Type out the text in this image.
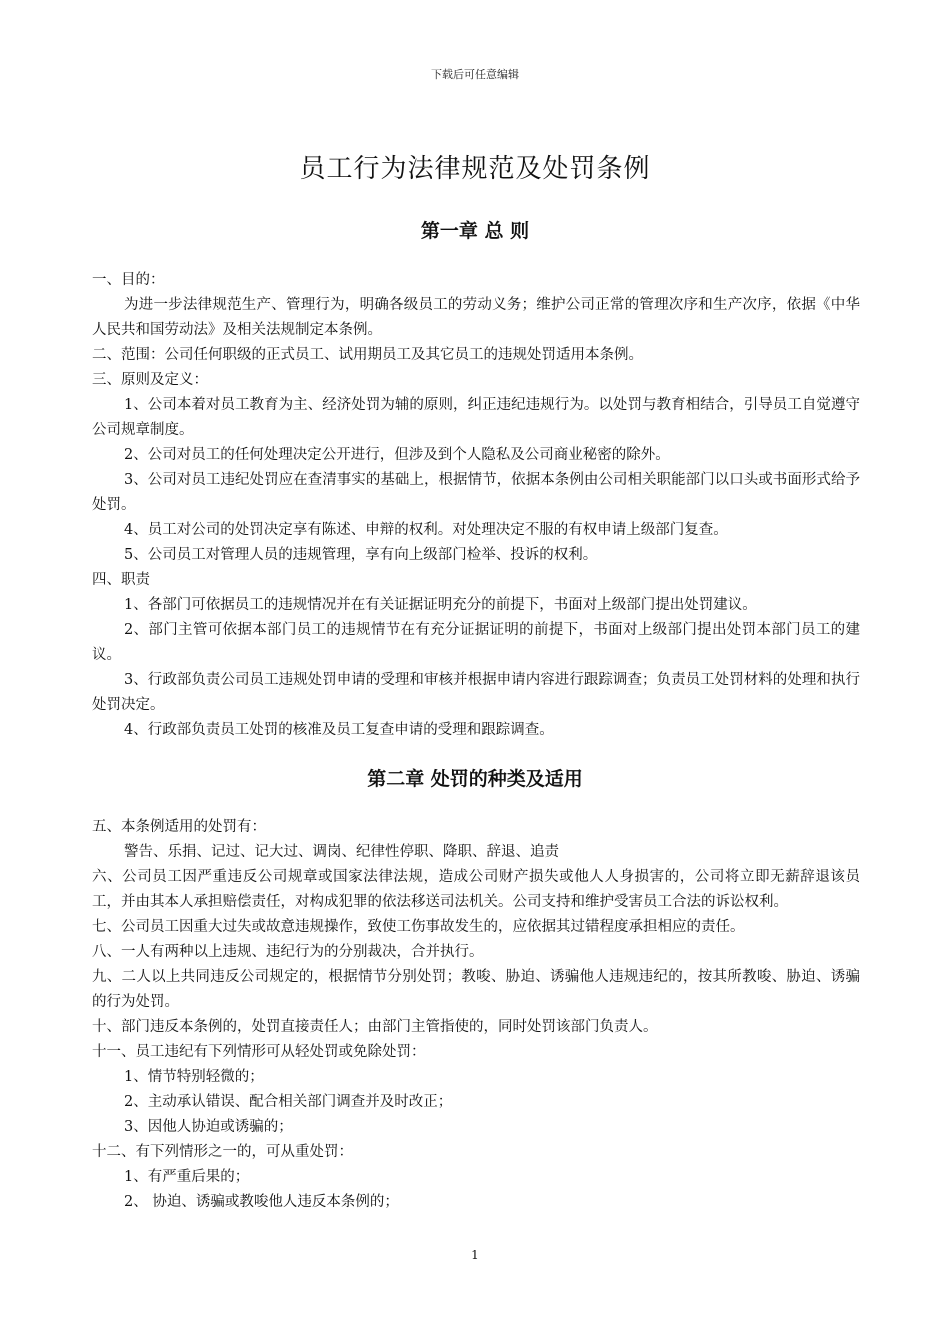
下载后可任意编辑
员工行为法律规范及处罚条例
第一章 总 则

一、目的：

为进一步法律规范生产、管理行为，明确各级员工的劳动义务；维护公司正常的管理次序和生产次序，依据《中华人民共和国劳动法》及相关法规制定本条例。

二、范围：公司任何职级的正式员工、试用期员工及其它员工的违规处罚适用本条例。

三、原则及定义：

1、公司本着对员工教育为主、经济处罚为辅的原则，纠正违纪违规行为。以处罚与教育相结合，引导员工自觉遵守公司规章制度。

2、公司对员工的任何处理决定公开进行，但涉及到个人隐私及公司商业秘密的除外。

3、公司对员工违纪处罚应在查清事实的基础上，根据情节，依据本条例由公司相关职能部门以口头或书面形式给予处罚。

4、员工对公司的处罚决定享有陈述、申辩的权利。对处理决定不服的有权申请上级部门复查。

5、公司员工对管理人员的违规管理，享有向上级部门检举、投诉的权利。

四、职责

1、各部门可依据员工的违规情况并在有关证据证明充分的前提下，书面对上级部门提出处罚建议。

2、部门主管可依据本部门员工的违规情节在有充分证据证明的前提下，书面对上级部门提出处罚本部门员工的建议。

3、行政部负责公司员工违规处罚申请的受理和审核并根据申请内容进行跟踪调查；负责员工处罚材料的处理和执行处罚决定。

4、行政部负责员工处罚的核准及员工复查申请的受理和跟踪调查。

第二章 处罚的种类及适用

五、本条例适用的处罚有：

警告、乐捐、记过、记大过、调岗、纪律性停职、降职、辞退、追责

六、公司员工因严重违反公司规章或国家法律法规，造成公司财产损失或他人人身损害的，公司将立即无薪辞退该员工，并由其本人承担赔偿责任，对构成犯罪的依法移送司法机关。公司支持和维护受害员工合法的诉讼权利。

七、公司员工因重大过失或故意违规操作，致使工伤事故发生的，应依据其过错程度承担相应的责任。

八、一人有两种以上违规、违纪行为的分别裁决，合并执行。

九、二人以上共同违反公司规定的，根据情节分别处罚；教唆、胁迫、诱骗他人违规违纪的，按其所教唆、胁迫、诱骗的行为处罚。

十、部门违反本条例的，处罚直接责任人；由部门主管指使的，同时处罚该部门负责人。

十一、员工违纪有下列情形可从轻处罚或免除处罚：

1、情节特别轻微的；

2、主动承认错误、配合相关部门调查并及时改正；

3、因他人协迫或诱骗的；

十二、有下列情形之一的，可从重处罚：

1、有严重后果的；

2、 协迫、诱骗或教唆他人违反本条例的；

1
